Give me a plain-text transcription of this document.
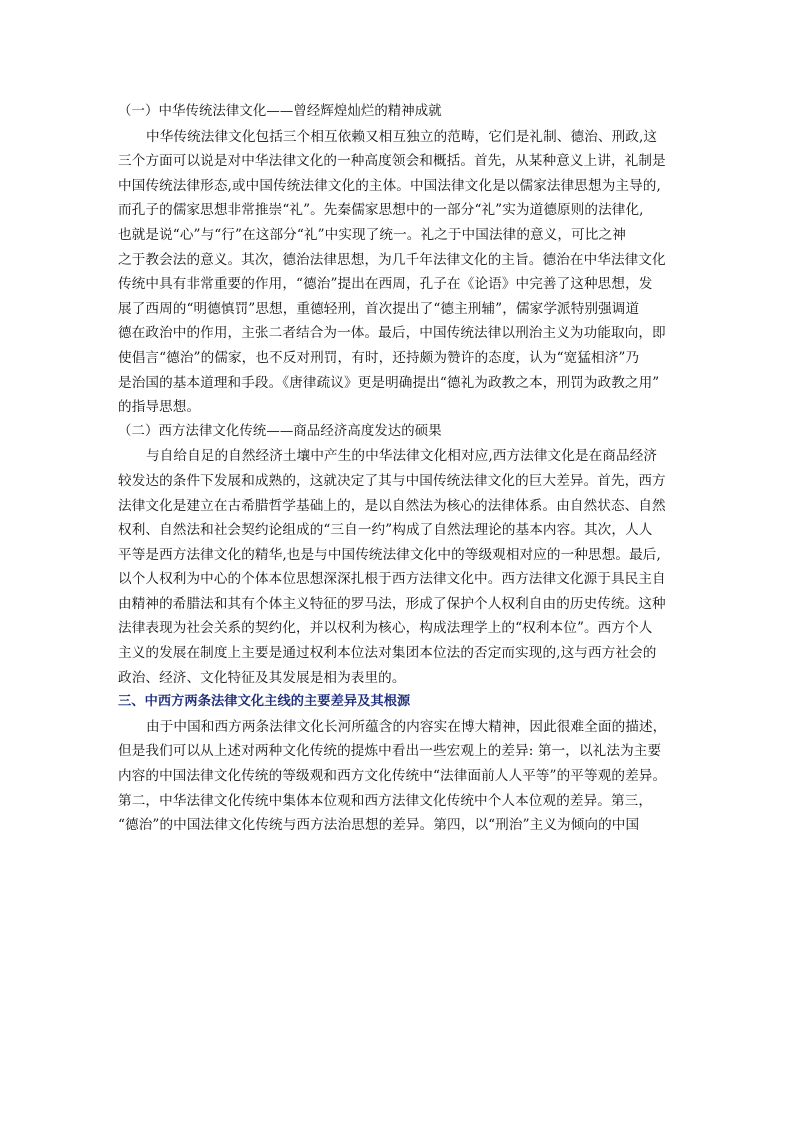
（一）中华传统法律文化——曾经辉煌灿烂的精神成就
中华传统法律文化包括三个相互依赖又相互独立的范畴，它们是礼制、德治、刑政,这
三个方面可以说是对中华法律文化的一种高度领会和概括。首先，从某种意义上讲，礼制是
中国传统法律形态,或中国传统法律文化的主体。中国法律文化是以儒家法律思想为主导的,
而孔子的儒家思想非常推崇“礼”。先秦儒家思想中的一部分“礼”实为道德原则的法律化,
也就是说“心”与“行”在这部分“礼”中实现了统一。礼之于中国法律的意义，可比之神
之于教会法的意义。其次，德治法律思想，为几千年法律文化的主旨。德治在中华法律文化
传统中具有非常重要的作用，“德治”提出在西周，孔子在《论语》中完善了这种思想，发
展了西周的“明德慎罚”思想，重德轻刑，首次提出了“德主刑辅”，儒家学派特别强调道
德在政治中的作用，主张二者结合为一体。最后，中国传统法律以刑治主义为功能取向，即
使倡言“德治”的儒家，也不反对刑罚，有时，还持颇为赞许的态度，认为“宽猛相济”乃
是治国的基本道理和手段。《唐律疏议》更是明确提出“德礼为政教之本，刑罚为政教之用”
的指导思想。
（二）西方法律文化传统——商品经济高度发达的硕果
与自给自足的自然经济土壤中产生的中华法律文化相对应,西方法律文化是在商品经济
较发达的条件下发展和成熟的，这就决定了其与中国传统法律文化的巨大差异。首先，西方
法律文化是建立在古希腊哲学基础上的，是以自然法为核心的法律体系。由自然状态、自然
权利、自然法和社会契约论组成的“三自一约”构成了自然法理论的基本内容。其次，人人
平等是西方法律文化的精华,也是与中国传统法律文化中的等级观相对应的一种思想。最后,
以个人权利为中心的个体本位思想深深扎根于西方法律文化中。西方法律文化源于具民主自
由精神的希腊法和其有个体主义特征的罗马法，形成了保护个人权利自由的历史传统。这种
法律表现为社会关系的契约化，并以权利为核心，构成法理学上的“权利本位”。西方个人
主义的发展在制度上主要是通过权利本位法对集团本位法的否定而实现的,这与西方社会的
政治、经济、文化特征及其发展是相为表里的。
三、中西方两条法律文化主线的主要差异及其根源
由于中国和西方两条法律文化长河所蕴含的内容实在博大精神，因此很难全面的描述，
但是我们可以从上述对两种文化传统的提炼中看出一些宏观上的差异: 第一，以礼法为主要
内容的中国法律文化传统的等级观和西方文化传统中“法律面前人人平等”的平等观的差异。
第二，中华法律文化传统中集体本位观和西方法律文化传统中个人本位观的差异。第三，
“德治”的中国法律文化传统与西方法治思想的差异。第四，以“刑治”主义为倾向的中国
